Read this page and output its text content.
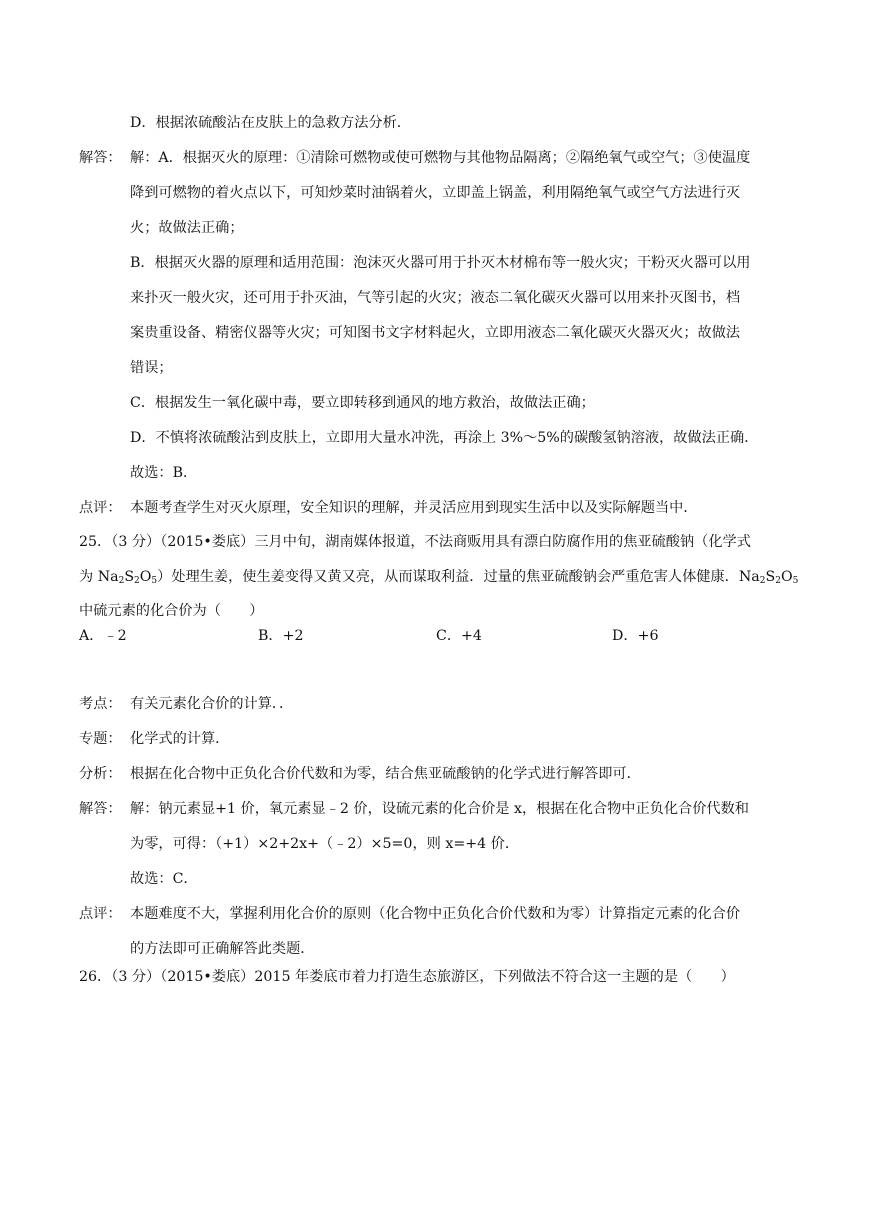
D．根据浓硫酸沾在皮肤上的急救方法分析．
解答： 解：A．根据灭火的原理：①清除可燃物或使可燃物与其他物品隔离；②隔绝氧气或空气；③使温度
降到可燃物的着火点以下，可知炒菜时油锅着火，立即盖上锅盖，利用隔绝氧气或空气方法进行灭
火；故做法正确；
B．根据灭火器的原理和适用范围：泡沫灭火器可用于扑灭木材棉布等一般火灾；干粉灭火器可以用
来扑灭一般火灾，还可用于扑灭油，气等引起的火灾；液态二氧化碳灭火器可以用来扑灭图书，档
案贵重设备、精密仪器等火灾；可知图书文字材料起火，立即用液态二氧化碳灭火器灭火；故做法
错误；
C．根据发生一氧化碳中毒，要立即转移到通风的地方救治，故做法正确；
D．不慎将浓硫酸沾到皮肤上，立即用大量水冲洗，再涂上 3%～5%的碳酸氢钠溶液，故做法正确．
故选：B．
点评： 本题考查学生对灭火原理，安全知识的理解，并灵活应用到现实生活中以及实际解题当中．
25．（3 分）（2015•娄底）三月中旬，湖南媒体报道，不法商贩用具有漂白防腐作用的焦亚硫酸钠（化学式
为 $Na_2S_2O_5$）处理生姜，使生姜变得又黄又亮，从而谋取利益．过量的焦亚硫酸钠会严重危害人体健康．$Na_2S_2O_5$
中硫元素的化合价为（　　）
A．﹣2	B．+2	C．+4	D．+6
考点： 有关元素化合价的计算．．
专题： 化学式的计算．
分析： 根据在化合物中正负化合价代数和为零，结合焦亚硫酸钠的化学式进行解答即可．
解答： 解：钠元素显+1 价，氧元素显﹣2 价，设硫元素的化合价是 x，根据在化合物中正负化合价代数和
为零，可得：（+1）×2+2x+（﹣2）×5=0，则 x=+4 价．
故选：C．
点评： 本题难度不大，掌握利用化合价的原则（化合物中正负化合价代数和为零）计算指定元素的化合价
的方法即可正确解答此类题．
26．（3 分）（2015•娄底）2015 年娄底市着力打造生态旅游区，下列做法不符合这一主题的是（　　）
